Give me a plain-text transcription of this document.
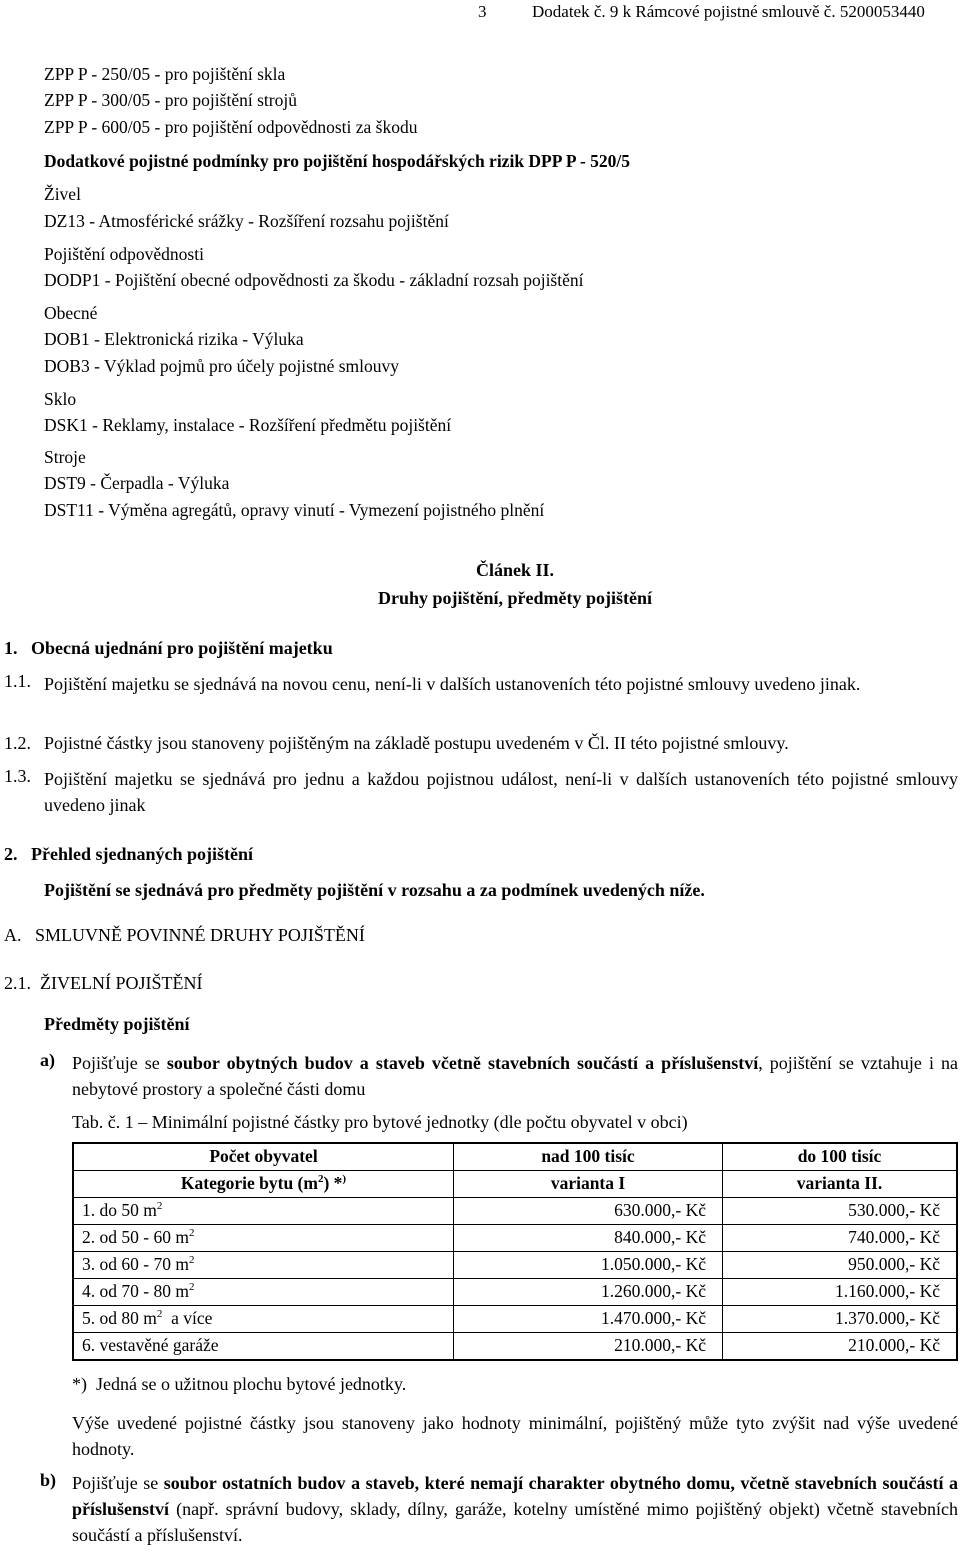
3	Dodatek č. 9 k Rámcové pojistné smlouvě č. 5200053440
ZPP P - 250/05 - pro pojištění skla
ZPP P - 300/05 - pro pojištění strojů
ZPP P - 600/05 - pro pojištění odpovědnosti za škodu
Dodatkové pojistné podmínky pro pojištění hospodářských rizik DPP P - 520/5
Živel
DZ13 - Atmosférické srážky - Rozšíření rozsahu pojištění
Pojištění odpovědnosti
DODP1 - Pojištění obecné odpovědnosti za škodu - základní rozsah pojištění
Obecné
DOB1 - Elektronická rizika - Výluka
DOB3 - Výklad pojmů pro účely pojistné smlouvy
Sklo
DSK1 - Reklamy, instalace - Rozšíření předmětu pojištění
Stroje
DST9 - Čerpadla - Výluka
DST11 - Výměna agregátů, opravy vinutí - Vymezení pojistného plnění
Článek II.
Druhy pojištění, předměty pojištění
1.   Obecná ujednání pro pojištění majetku
1.1. Pojištění majetku se sjednává na novou cenu, není-li v dalších ustanoveních této pojistné smlouvy uvedeno jinak.
1.2. Pojistné částky jsou stanoveny pojištěným na základě postupu uvedeném v Čl. II této pojistné smlouvy.
1.3. Pojištění majetku se sjednává pro jednu a každou pojistnou událost, není-li v dalších ustanoveních této pojistné smlouvy uvedeno jinak
2.   Přehled sjednaných pojištění
Pojištění se sjednává pro předměty pojištění v rozsahu a za podmínek uvedených níže.
A.   SMLUVNĚ POVINNÉ DRUHY POJIŠTĚNÍ
2.1.  ŽIVELNÍ POJIŠTĚNÍ
Předměty pojištění
a) Pojišťuje se soubor obytných budov a staveb včetně stavebních součástí a příslušenství, pojištění se vztahuje i na nebytové prostory a společné části domu
Tab. č. 1 – Minimální pojistné částky pro bytové jednotky (dle počtu obyvatel v obci)
Počet obyvatel	nad 100 tisíc	do 100 tisíc
Kategorie bytu $(m^2)$ *)	varianta I	varianta II.
1. do 50 $m^2$	630.000,- Kč	530.000,- Kč
2. od 50 - 60 $m^2$	840.000,- Kč	740.000,- Kč
3. od 60 - 70 $m^2$	1.050.000,- Kč	950.000,- Kč
4. od 70 - 80 $m^2$	1.260.000,- Kč	1.160.000,- Kč
5. od 80 $m^2$  a více	1.470.000,- Kč	1.370.000,- Kč
6. vestavěné garáže	210.000,- Kč	210.000,- Kč
*)  Jedná se o užitnou plochu bytové jednotky.
Výše uvedené pojistné částky jsou stanoveny jako hodnoty minimální, pojištěný může tyto zvýšit nad výše uvedené hodnoty.
b) Pojišťuje se soubor ostatních budov a staveb, které nemají charakter obytného domu, včetně stavebních součástí a příslušenství (např. správní budovy, sklady, dílny, garáže, kotelny umístěné mimo pojištěný objekt) včetně stavebních součástí a příslušenství.
